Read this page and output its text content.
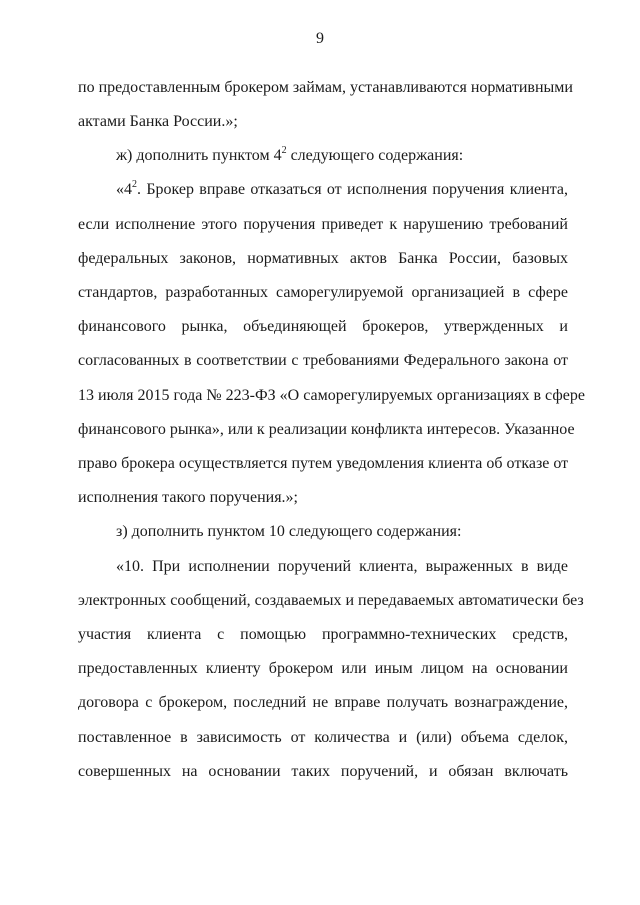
9
по предоставленным брокером займам, устанавливаются нормативными
актами Банка России.»;
ж) дополнить пунктом $4^2$ следующего содержания:
«$4^2$. Брокер вправе отказаться от исполнения поручения клиента,
если исполнение этого поручения приведет к нарушению требований
федеральных законов, нормативных актов Банка России, базовых
стандартов, разработанных саморегулируемой организацией в сфере
финансового рынка, объединяющей брокеров, утвержденных и
согласованных в соответствии с требованиями Федерального закона от
13 июля 2015 года № 223-ФЗ «О саморегулируемых организациях в сфере
финансового рынка», или к реализации конфликта интересов. Указанное
право брокера осуществляется путем уведомления клиента об отказе от
исполнения такого поручения.»;
з) дополнить пунктом 10 следующего содержания:
«10. При исполнении поручений клиента, выраженных в виде
электронных сообщений, создаваемых и передаваемых автоматически без
участия клиента с помощью программно-технических средств,
предоставленных клиенту брокером или иным лицом на основании
договора с брокером, последний не вправе получать вознаграждение,
поставленное в зависимость от количества и (или) объема сделок,
совершенных на основании таких поручений, и обязан включать
